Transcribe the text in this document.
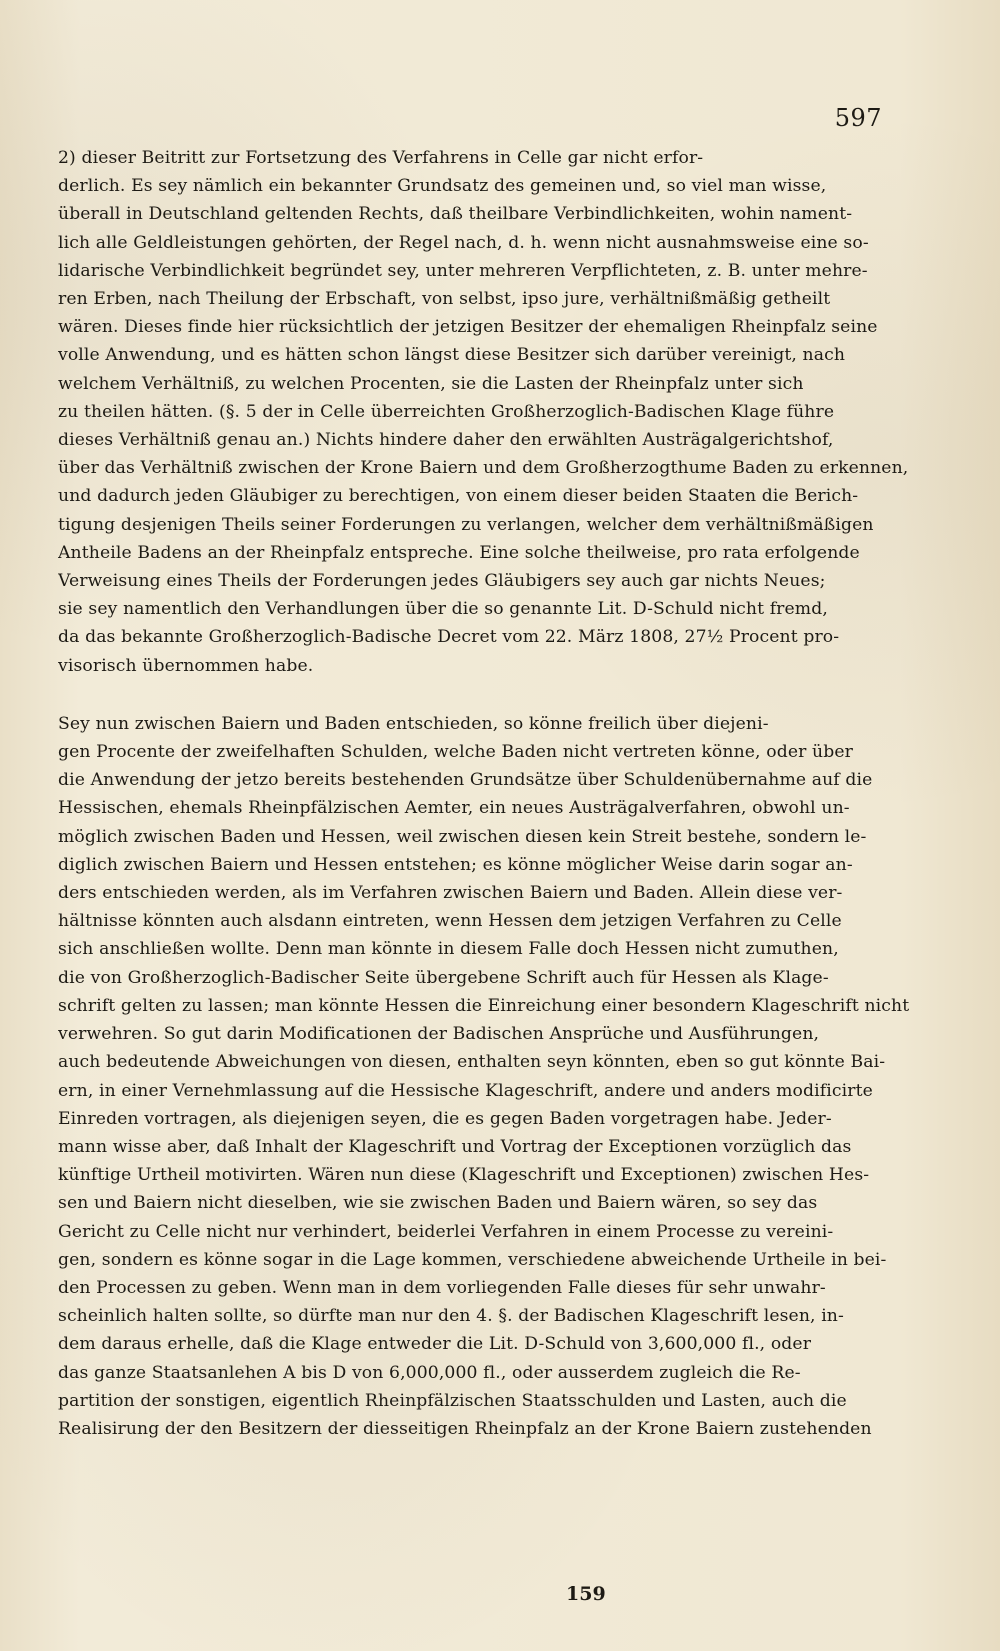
597
2) dieser Beitritt zur Fortsetzung des Verfahrens in Celle gar nicht erfor-
derlich. Es sey nämlich ein bekannter Grundsatz des gemeinen und, so viel man wisse,
überall in Deutschland geltenden Rechts, daß theilbare Verbindlichkeiten, wohin nament-
lich alle Geldleistungen gehörten, der Regel nach, d. h. wenn nicht ausnahmsweise eine so-
lidarische Verbindlichkeit begründet sey, unter mehreren Verpflichteten, z. B. unter mehre-
ren Erben, nach Theilung der Erbschaft, von selbst, ipso jure, verhältnißmäßig getheilt
wären. Dieses finde hier rücksichtlich der jetzigen Besitzer der ehemaligen Rheinpfalz seine
volle Anwendung, und es hätten schon längst diese Besitzer sich darüber vereinigt, nach
welchem Verhältniß, zu welchen Procenten, sie die Lasten der Rheinpfalz unter sich
zu theilen hätten. (§. 5 der in Celle überreichten Großherzoglich-Badischen Klage führe
dieses Verhältniß genau an.) Nichts hindere daher den erwählten Austrägalgerichtshof,
über das Verhältniß zwischen der Krone Baiern und dem Großherzogthume Baden zu erkennen,
und dadurch jeden Gläubiger zu berechtigen, von einem dieser beiden Staaten die Berich-
tigung desjenigen Theils seiner Forderungen zu verlangen, welcher dem verhältnißmäßigen
Antheile Badens an der Rheinpfalz entspreche. Eine solche theilweise, pro rata erfolgende
Verweisung eines Theils der Forderungen jedes Gläubigers sey auch gar nichts Neues;
sie sey namentlich den Verhandlungen über die so genannte Lit. D-Schuld nicht fremd,
da das bekannte Großherzoglich-Badische Decret vom 22. März 1808, 27½ Procent pro-
visorisch übernommen habe.
Sey nun zwischen Baiern und Baden entschieden, so könne freilich über diejeni-
gen Procente der zweifelhaften Schulden, welche Baden nicht vertreten könne, oder über
die Anwendung der jetzo bereits bestehenden Grundsätze über Schuldenübernahme auf die
Hessischen, ehemals Rheinpfälzischen Aemter, ein neues Austrägalverfahren, obwohl un-
möglich zwischen Baden und Hessen, weil zwischen diesen kein Streit bestehe, sondern le-
diglich zwischen Baiern und Hessen entstehen; es könne möglicher Weise darin sogar an-
ders entschieden werden, als im Verfahren zwischen Baiern und Baden. Allein diese ver-
hältnisse könnten auch alsdann eintreten, wenn Hessen dem jetzigen Verfahren zu Celle
sich anschließen wollte. Denn man könnte in diesem Falle doch Hessen nicht zumuthen,
die von Großherzoglich-Badischer Seite übergebene Schrift auch für Hessen als Klage-
schrift gelten zu lassen; man könnte Hessen die Einreichung einer besondern Klageschrift nicht
verwehren. So gut darin Modificationen der Badischen Ansprüche und Ausführungen,
auch bedeutende Abweichungen von diesen, enthalten seyn könnten, eben so gut könnte Bai-
ern, in einer Vernehmlassung auf die Hessische Klageschrift, andere und anders modificirte
Einreden vortragen, als diejenigen seyen, die es gegen Baden vorgetragen habe. Jeder-
mann wisse aber, daß Inhalt der Klageschrift und Vortrag der Exceptionen vorzüglich das
künftige Urtheil motivirten. Wären nun diese (Klageschrift und Exceptionen) zwischen Hes-
sen und Baiern nicht dieselben, wie sie zwischen Baden und Baiern wären, so sey das
Gericht zu Celle nicht nur verhindert, beiderlei Verfahren in einem Processe zu vereini-
gen, sondern es könne sogar in die Lage kommen, verschiedene abweichende Urtheile in bei-
den Processen zu geben. Wenn man in dem vorliegenden Falle dieses für sehr unwahr-
scheinlich halten sollte, so dürfte man nur den 4. §. der Badischen Klageschrift lesen, in-
dem daraus erhelle, daß die Klage entweder die Lit. D-Schuld von 3,600,000 fl., oder
das ganze Staatsanlehen A bis D von 6,000,000 fl., oder ausserdem zugleich die Re-
partition der sonstigen, eigentlich Rheinpfälzischen Staatsschulden und Lasten, auch die
Realisirung der den Besitzern der diesseitigen Rheinpfalz an der Krone Baiern zustehenden
159
